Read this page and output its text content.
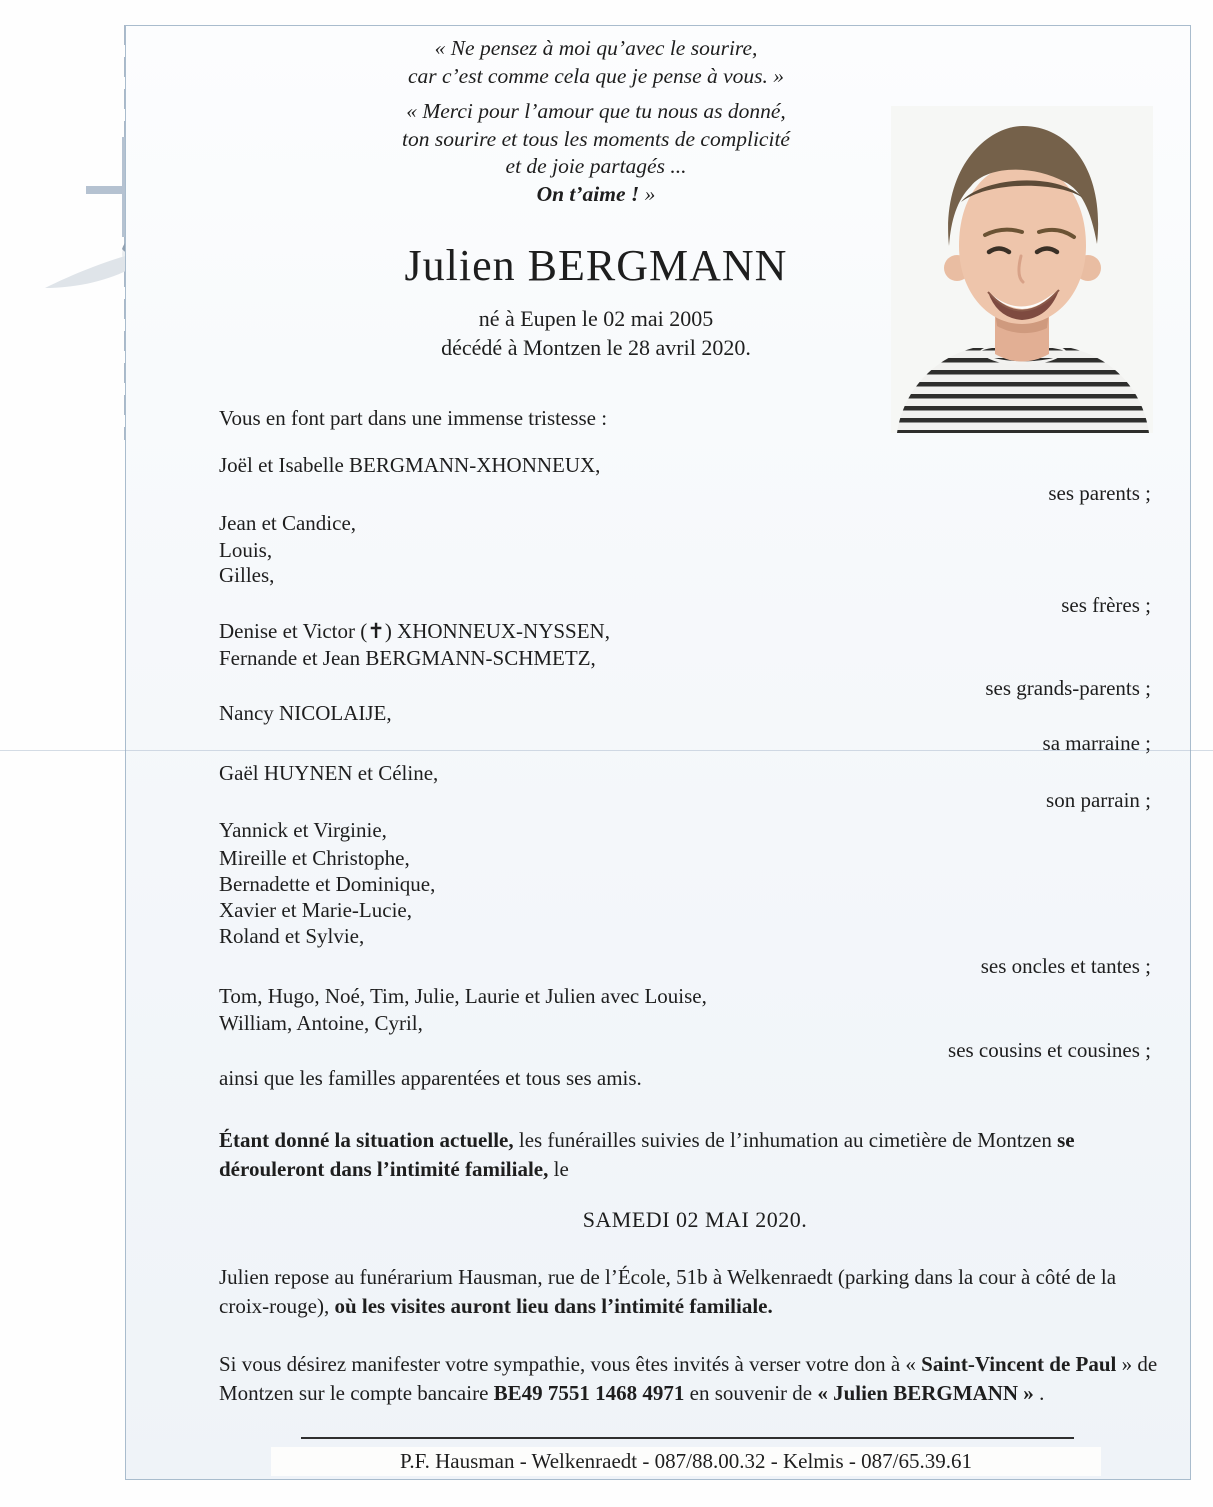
« Ne pensez à moi qu’avec le sourire,
car c’est comme cela que je pense à vous. »
« Merci pour l’amour que tu nous as donné,
ton sourire et tous les moments de complicité
et de joie partagés ...
On t’aime ! »
Julien BERGMANN
né à Eupen le 02 mai 2005
décédé à Montzen le 28 avril 2020.
Vous en font part dans une immense tristesse :
Joël et Isabelle BERGMANN-XHONNEUX,
ses parents ;
Jean et Candice,
Louis,
Gilles,
ses frères ;
Denise et Victor (✝) XHONNEUX-NYSSEN,
Fernande et Jean BERGMANN-SCHMETZ,
ses grands-parents ;
Nancy NICOLAIJE,
sa marraine ;
Gaël HUYNEN et Céline,
son parrain ;
Yannick et Virginie,
Mireille et Christophe,
Bernadette et Dominique,
Xavier et Marie-Lucie,
Roland et Sylvie,
ses oncles et tantes ;
Tom, Hugo, Noé, Tim, Julie, Laurie et Julien avec Louise,
William, Antoine, Cyril,
ses cousins et cousines ;
ainsi que les familles apparentées et tous ses amis.
Étant donné la situation actuelle, les funérailles suivies de l’inhumation au cimetière de Montzen se dérouleront dans l’intimité familiale, le
SAMEDI 02 MAI 2020.
Julien repose au funérarium Hausman, rue de l’École, 51b à Welkenraedt (parking dans la cour à côté de la croix-rouge), où les visites auront lieu dans l’intimité familiale.
Si vous désirez manifester votre sympathie, vous êtes invités à verser votre don à « Saint-Vincent de Paul » de Montzen sur le compte bancaire BE49 7551 1468 4971 en souvenir de « Julien BERGMANN » .
P.F. Hausman - Welkenraedt - 087/88.00.32 - Kelmis - 087/65.39.61
